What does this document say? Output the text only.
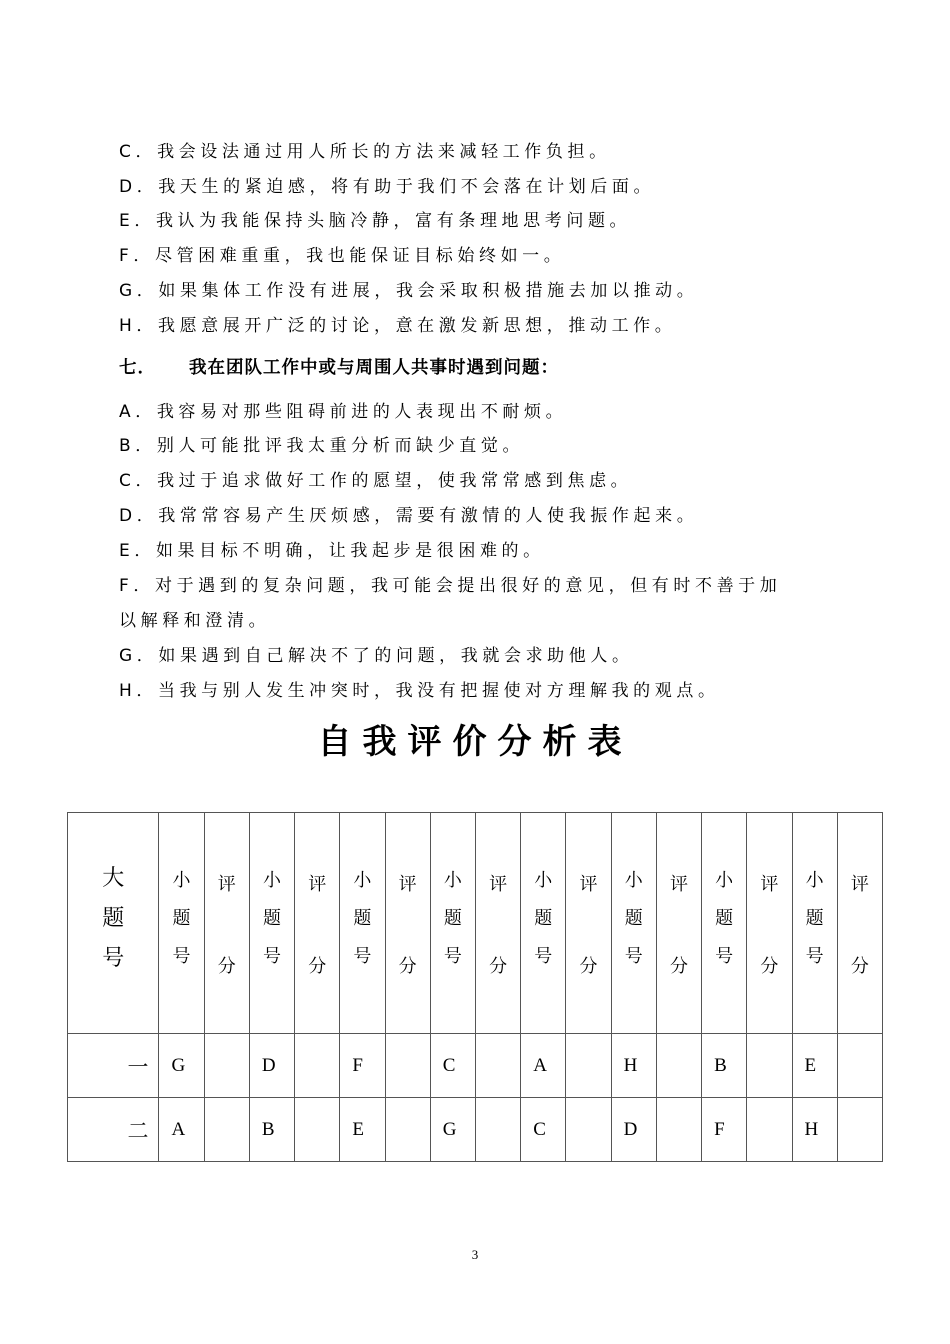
C．我会设法通过用人所长的方法来减轻工作负担。
D．我天生的紧迫感，将有助于我们不会落在计划后面。
E．我认为我能保持头脑冷静，富有条理地思考问题。
F．尽管困难重重，我也能保证目标始终如一。
G．如果集体工作没有进展，我会采取积极措施去加以推动。
H．我愿意展开广泛的讨论，意在激发新思想，推动工作。
七． 我在团队工作中或与周围人共事时遇到问题：
A．我容易对那些阻碍前进的人表现出不耐烦。
B．别人可能批评我太重分析而缺少直觉。
C．我过于追求做好工作的愿望，使我常常感到焦虑。
D．我常常容易产生厌烦感，需要有激情的人使我振作起来。
E．如果目标不明确，让我起步是很困难的。
F．对于遇到的复杂问题，我可能会提出很好的意见，但有时不善于加
以解释和澄清。
G．如果遇到自己解决不了的问题，我就会求助他人。
H．当我与别人发生冲突时，我没有把握使对方理解我的观点。
自我评价分析表
大
题
号	小
题
号	评
分	小
题
号	评
分	小
题
号	评
分	小
题
号	评
分	小
题
号	评
分	小
题
号	评
分	小
题
号	评
分	小
题
号	评
分

一	G		D		F		C		A		H		B		E	
二	A		B		E		G		C		D		F		H	
3
